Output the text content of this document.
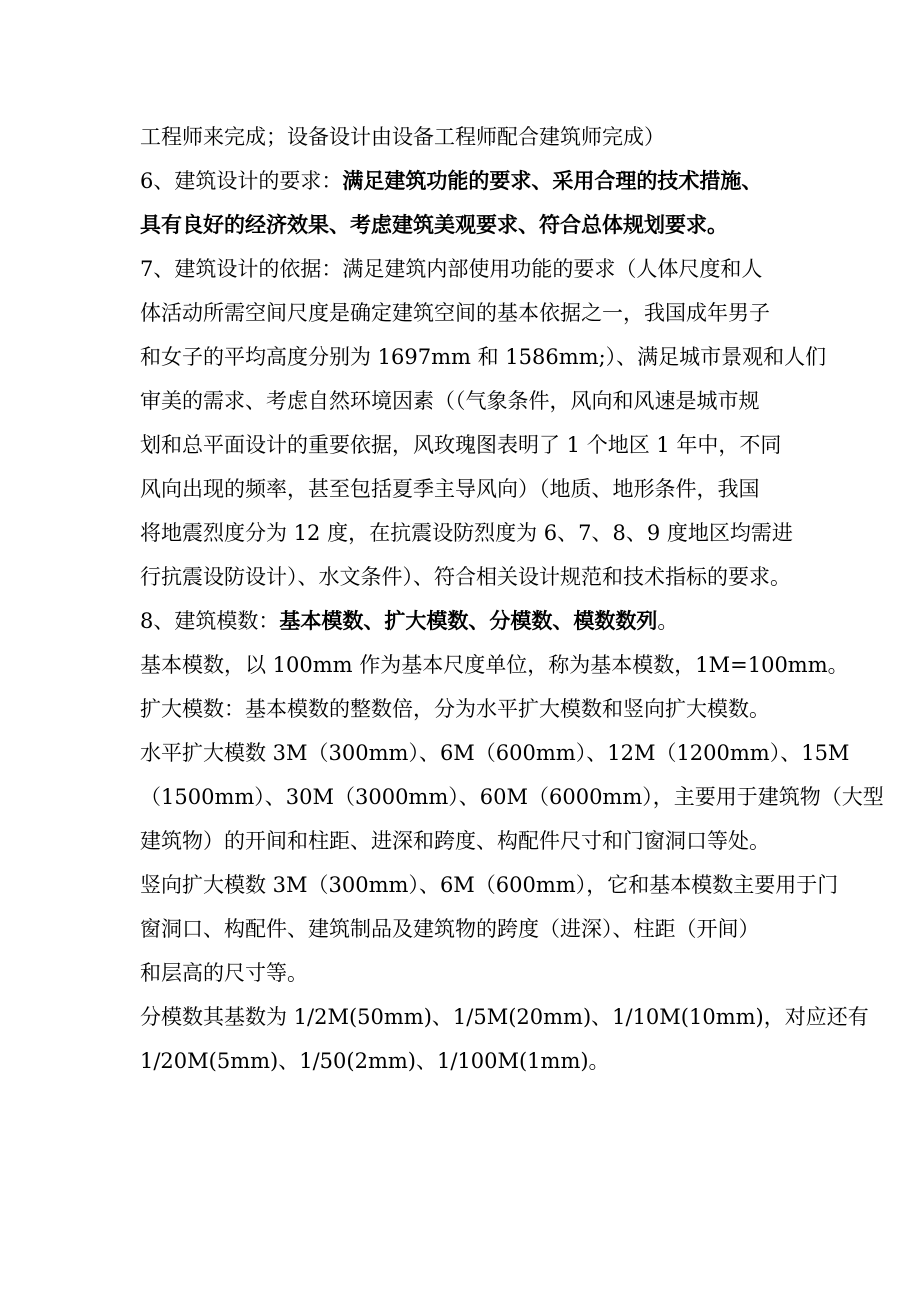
工程师来完成；设备设计由设备工程师配合建筑师完成）
6、建筑设计的要求：满足建筑功能的要求、采用合理的技术措施、
具有良好的经济效果、考虑建筑美观要求、符合总体规划要求。
7、建筑设计的依据：满足建筑内部使用功能的要求（人体尺度和人
体活动所需空间尺度是确定建筑空间的基本依据之一，我国成年男子
和女子的平均高度分别为 1697mm 和 1586mm;）、满足城市景观和人们
审美的需求、考虑自然环境因素（（气象条件，风向和风速是城市规
划和总平面设计的重要依据，风玫瑰图表明了 1 个地区 1 年中，不同
风向出现的频率，甚至包括夏季主导风向）（地质、地形条件，我国
将地震烈度分为 12 度，在抗震设防烈度为 6、7、8、9 度地区均需进
行抗震设防设计）、水文条件）、符合相关设计规范和技术指标的要求。
8、建筑模数：基本模数、扩大模数、分模数、模数数列。
基本模数，以 100mm 作为基本尺度单位，称为基本模数，1M=100mm。
扩大模数：基本模数的整数倍，分为水平扩大模数和竖向扩大模数。
水平扩大模数 3M（300mm）、6M（600mm）、12M（1200mm）、15M
（1500mm）、30M（3000mm）、60M（6000mm），主要用于建筑物（大型
建筑物）的开间和柱距、进深和跨度、构配件尺寸和门窗洞口等处。
竖向扩大模数 3M（300mm）、6M（600mm），它和基本模数主要用于门
窗洞口、构配件、建筑制品及建筑物的跨度（进深）、柱距（开间）
和层高的尺寸等。
分模数其基数为 1/2M(50mm)、1/5M(20mm)、1/10M(10mm)，对应还有
1/20M(5mm)、1/50(2mm)、1/100M(1mm)。
